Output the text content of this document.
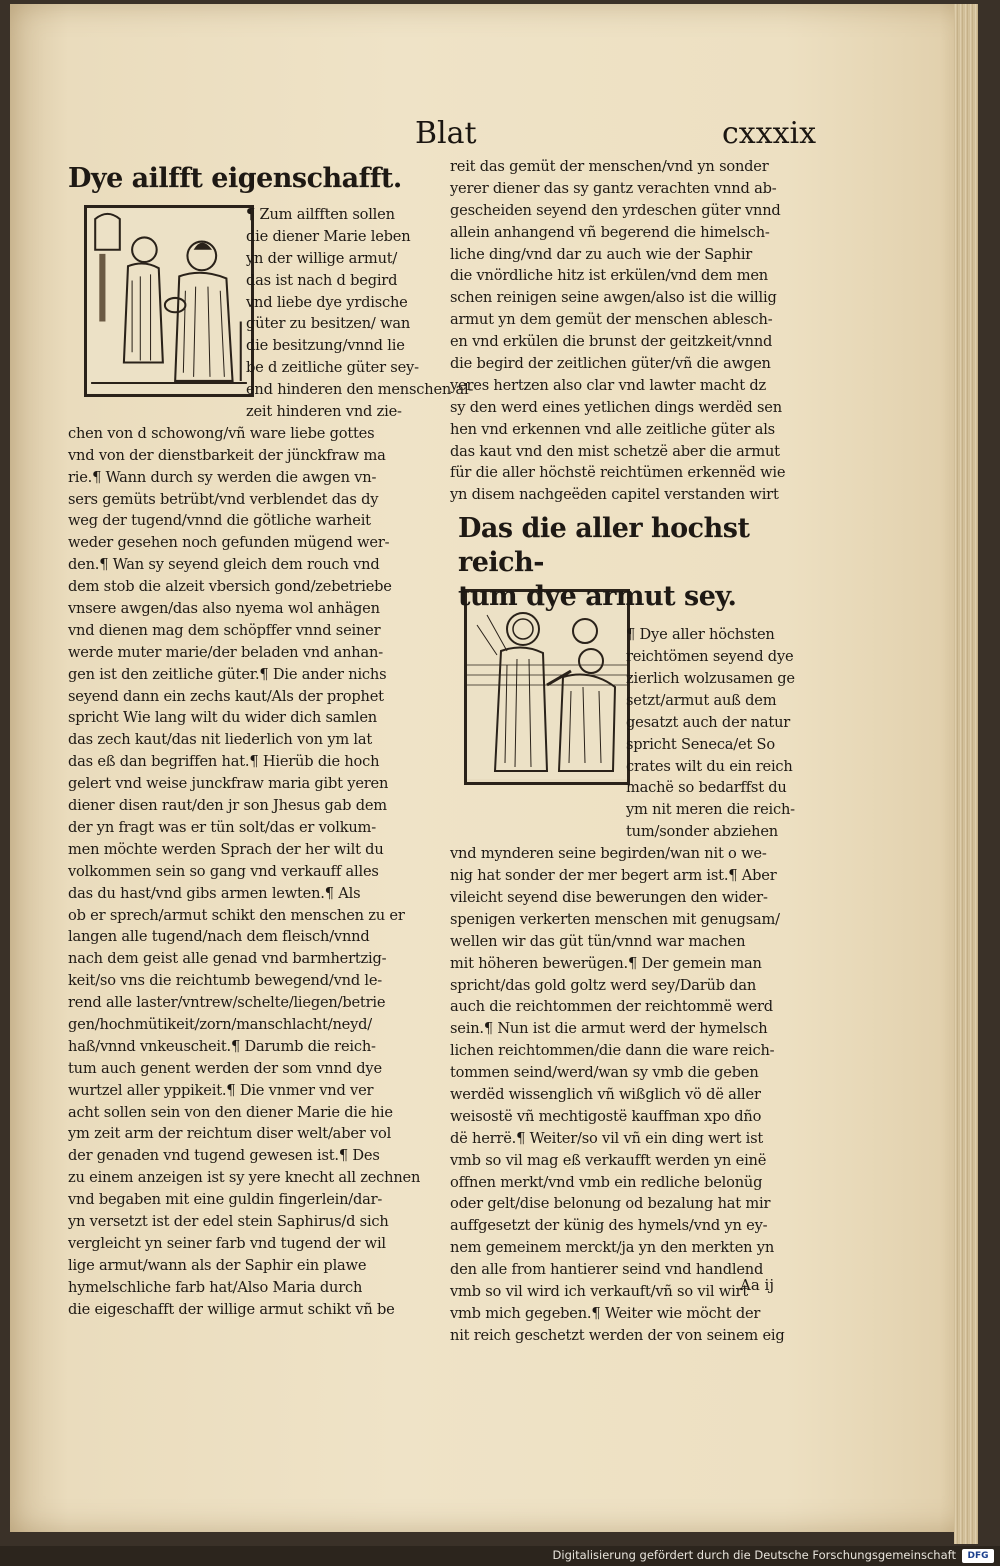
Blat	cxxxix
Dye ailfft eigenschafft.
¶ Zum ailfften sollen
die diener Marie leben
yn der willige armut/
das ist nach d begird
vnd liebe dye yrdische
güter zu besitzen/ wan
die besitzung/vnnd lie
be d zeitliche güter sey-
end hinderen den menschen al-
zeit hinderen vnd zie-
chen von d schowong/vñ ware liebe gottes
vnd von der dienstbarkeit der jünckfraw ma
rie.¶ Wann durch sy werden die awgen vn-
sers gemüts betrübt/vnd verblendet das dy
weg der tugend/vnnd die götliche warheit
weder gesehen noch gefunden mügend wer-
den.¶ Wan sy seyend gleich dem rouch vnd
dem stob die alzeit vbersich gond/zebetriebe
vnsere awgen/das also nyema wol anhägen
vnd dienen mag dem schöpffer vnnd seiner
werde muter marie/der beladen vnd anhan-
gen ist den zeitliche güter.¶ Die ander nichs
seyend dann ein zechs kaut/Als der prophet
spricht Wie lang wilt du wider dich samlen
das zech kaut/das nit liederlich von ym lat
das eß dan begriffen hat.¶ Hierüb die hoch
gelert vnd weise junckfraw maria gibt yeren
diener disen raut/den jr son Jhesus gab dem
der yn fragt was er tün solt/das er volkum-
men möchte werden Sprach der her wilt du
volkommen sein so gang vnd verkauff alles
das du hast/vnd gibs armen lewten.¶ Als
ob er sprech/armut schikt den menschen zu er
langen alle tugend/nach dem fleisch/vnnd
nach dem geist alle genad vnd barmhertzig-
keit/so vns die reichtumb bewegend/vnd le-
rend alle laster/vntrew/schelte/liegen/betrie
gen/hochmütikeit/zorn/manschlacht/neyd/
haß/vnnd vnkeuscheit.¶ Darumb die reich-
tum auch genent werden der som vnnd dye
wurtzel aller yppikeit.¶ Die vnmer vnd ver
acht sollen sein von den diener Marie die hie
ym zeit arm der reichtum diser welt/aber vol
der genaden vnd tugend gewesen ist.¶ Des
zu einem anzeigen ist sy yere knecht all zechnen
vnd begaben mit eine guldin fingerlein/dar-
yn versetzt ist der edel stein Saphirus/d sich
vergleicht yn seiner farb vnd tugend der wil
lige armut/wann als der Saphir ein plawe
hymelschliche farb hat/Also Maria durch
die eigeschafft der willige armut schikt vñ be
reit das gemüt der menschen/vnd yn sonder
yerer diener das sy gantz verachten vnnd ab-
gescheiden seyend den yrdeschen güter vnnd
allein anhangend vñ begerend die himelsch-
liche ding/vnd dar zu auch wie der Saphir
die vnördliche hitz ist erkülen/vnd dem men
schen reinigen seine awgen/also ist die willig
armut yn dem gemüt der menschen ablesch-
en vnd erkülen die brunst der geitzkeit/vnnd
die begird der zeitlichen güter/vñ die awgen
yeres hertzen also clar vnd lawter macht dz
sy den werd eines yetlichen dings werdëd sen
hen vnd erkennen vnd alle zeitliche güter als
das kaut vnd den mist schetzë aber die armut
für die aller höchstë reichtümen erkennëd wie
yn disem nachgeëden capitel verstanden wirt
Das die aller hochst reich-
tum dye armut sey.
¶ Dye aller höchsten
reichtömen seyend dye
zierlich wolzusamen ge
setzt/armut auß dem
gesatzt auch der natur
spricht Seneca/et So
crates wilt du ein reich
machë so bedarffst du
ym nit meren die reich-
tum/sonder abziehen
vnd mynderen seine begirden/wan nit o we-
nig hat sonder der mer begert arm ist.¶ Aber
vileicht seyend dise bewerungen den wider-
spenigen verkerten menschen mit genugsam/
wellen wir das güt tün/vnnd war machen
mit höheren bewerügen.¶ Der gemein man
spricht/das gold goltz werd sey/Darüb dan
auch die reichtommen der reichtommë werd
sein.¶ Nun ist die armut werd der hymelsch
lichen reichtommen/die dann die ware reich-
tommen seind/werd/wan sy vmb die geben
werdëd wissenglich vñ wißglich vö dë aller
weisostë vñ mechtigostë kauffman xpo dño
dë herrë.¶ Weiter/so vil vñ ein ding wert ist
vmb so vil mag eß verkaufft werden yn einë
offnen merkt/vnd vmb ein redliche belonüg
oder gelt/dise belonung od bezalung hat mir
auffgesetzt der künig des hymels/vnd yn ey-
nem gemeinem merckt/ja yn den merkten yn
den alle from hantierer seind vnd handlend
vmb so vil wird ich verkauft/vñ so vil wirt
vmb mich gegeben.¶ Weiter wie möcht der
nit reich geschetzt werden der von seinem eig
Aa ij
Digitalisierung gefördert durch die Deutsche Forschungsgemeinschaft	DFG
